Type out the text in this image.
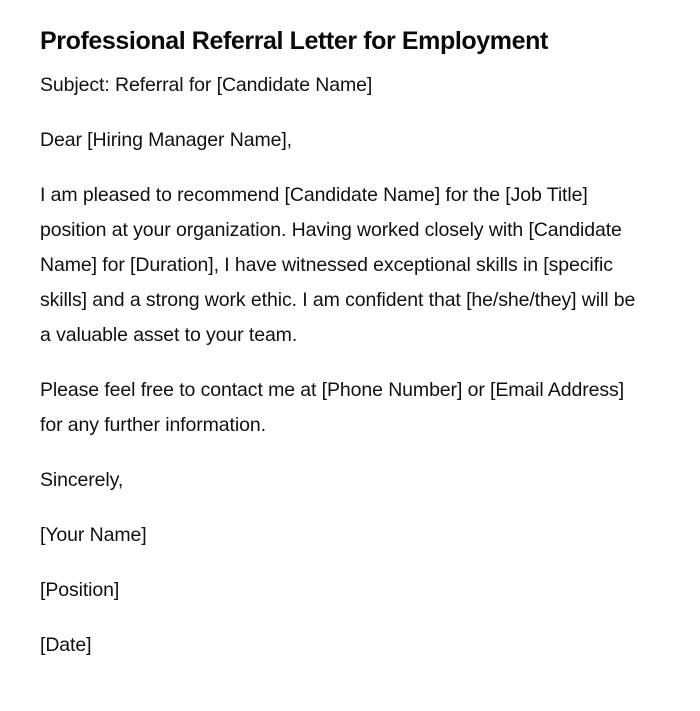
Professional Referral Letter for Employment

Subject: Referral for [Candidate Name]

Dear [Hiring Manager Name],

I am pleased to recommend [Candidate Name] for the [Job Title] position at your organization. Having worked closely with [Candidate Name] for [Duration], I have witnessed exceptional skills in [specific skills] and a strong work ethic. I am confident that [he/she/they] will be a valuable asset to your team.

Please feel free to contact me at [Phone Number] or [Email Address] for any further information.

Sincerely,

[Your Name]

[Position]

[Date]
